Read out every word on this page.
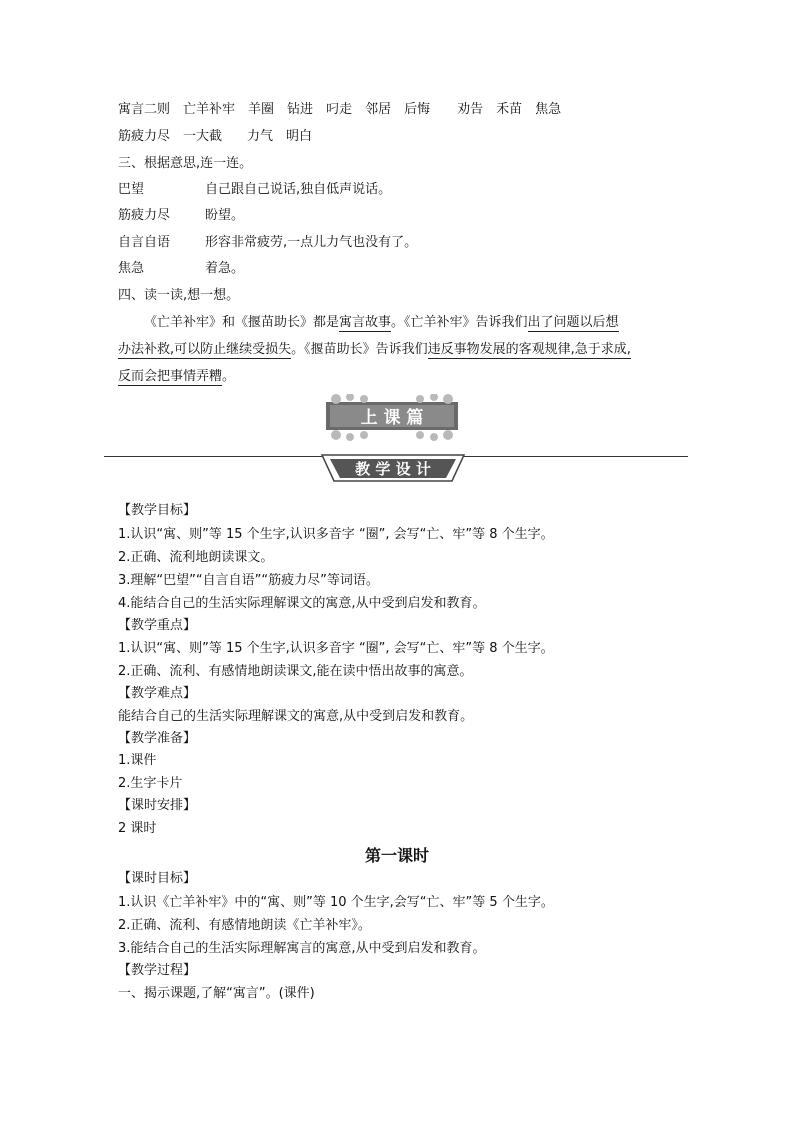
寓言二则 亡羊补牢 羊圈 钻进 叼走 邻居 后悔 劝告 禾苗 焦急
筋疲力尽 一大截 力气 明白
三、根据意思,连一连。
巴望	自己跟自己说话,独自低声说话。
筋疲力尽	盼望。
自言自语	形容非常疲劳,一点儿力气也没有了。
焦急	着急。
四、读一读,想一想。
《亡羊补牢》和《揠苗助长》都是寓言故事。《亡羊补牢》告诉我们出了问题以后想
办法补救,可以防止继续受损失。《揠苗助长》告诉我们违反事物发展的客观规律,急于求成,
反而会把事情弄糟。
上 课 篇
教 学 设 计
【教学目标】
1.认识“寓、则”等 15 个生字,认识多音字 “圈”, 会写“亡、牢”等 8 个生字。
2.正确、流利地朗读课文。
3.理解“巴望”“自言自语”“筋疲力尽”等词语。
4.能结合自己的生活实际理解课文的寓意,从中受到启发和教育。
【教学重点】
1.认识“寓、则”等 15 个生字,认识多音字 “圈”, 会写“亡、牢”等 8 个生字。
2.正确、流利、有感情地朗读课文,能在读中悟出故事的寓意。
【教学难点】
能结合自己的生活实际理解课文的寓意,从中受到启发和教育。
【教学准备】
1.课件
2.生字卡片
【课时安排】
2 课时
第一课时
【课时目标】
1.认识《亡羊补牢》中的“寓、则”等 10 个生字,会写“亡、牢”等 5 个生字。
2.正确、流利、有感情地朗读《亡羊补牢》。
3.能结合自己的生活实际理解寓言的寓意,从中受到启发和教育。
【教学过程】
一、揭示课题,了解“寓言”。(课件)
